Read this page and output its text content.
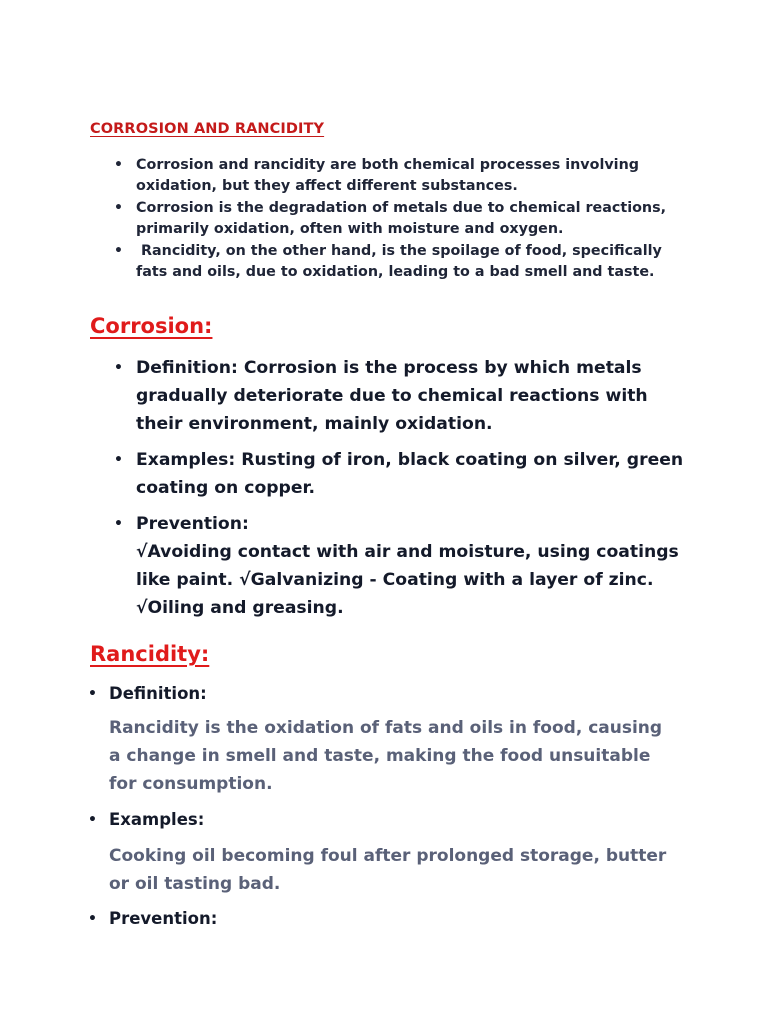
CORROSION AND RANCIDITY
• Corrosion and rancidity are both chemical processes involving oxidation, but they affect different substances.
• Corrosion is the degradation of metals due to chemical reactions, primarily oxidation, often with moisture and oxygen.
• Rancidity, on the other hand, is the spoilage of food, specifically fats and oils, due to oxidation, leading to a bad smell and taste.
Corrosion:
• Definition: Corrosion is the process by which metals gradually deteriorate due to chemical reactions with their environment, mainly oxidation.
• Examples: Rusting of iron, black coating on silver, green coating on copper.
• Prevention:
√Avoiding contact with air and moisture, using coatings like paint. √Galvanizing - Coating with a layer of zinc. √Oiling and greasing.
Rancidity:
• Definition:
Rancidity is the oxidation of fats and oils in food, causing a change in smell and taste, making the food unsuitable for consumption.
• Examples:
Cooking oil becoming foul after prolonged storage, butter or oil tasting bad.
• Prevention:
